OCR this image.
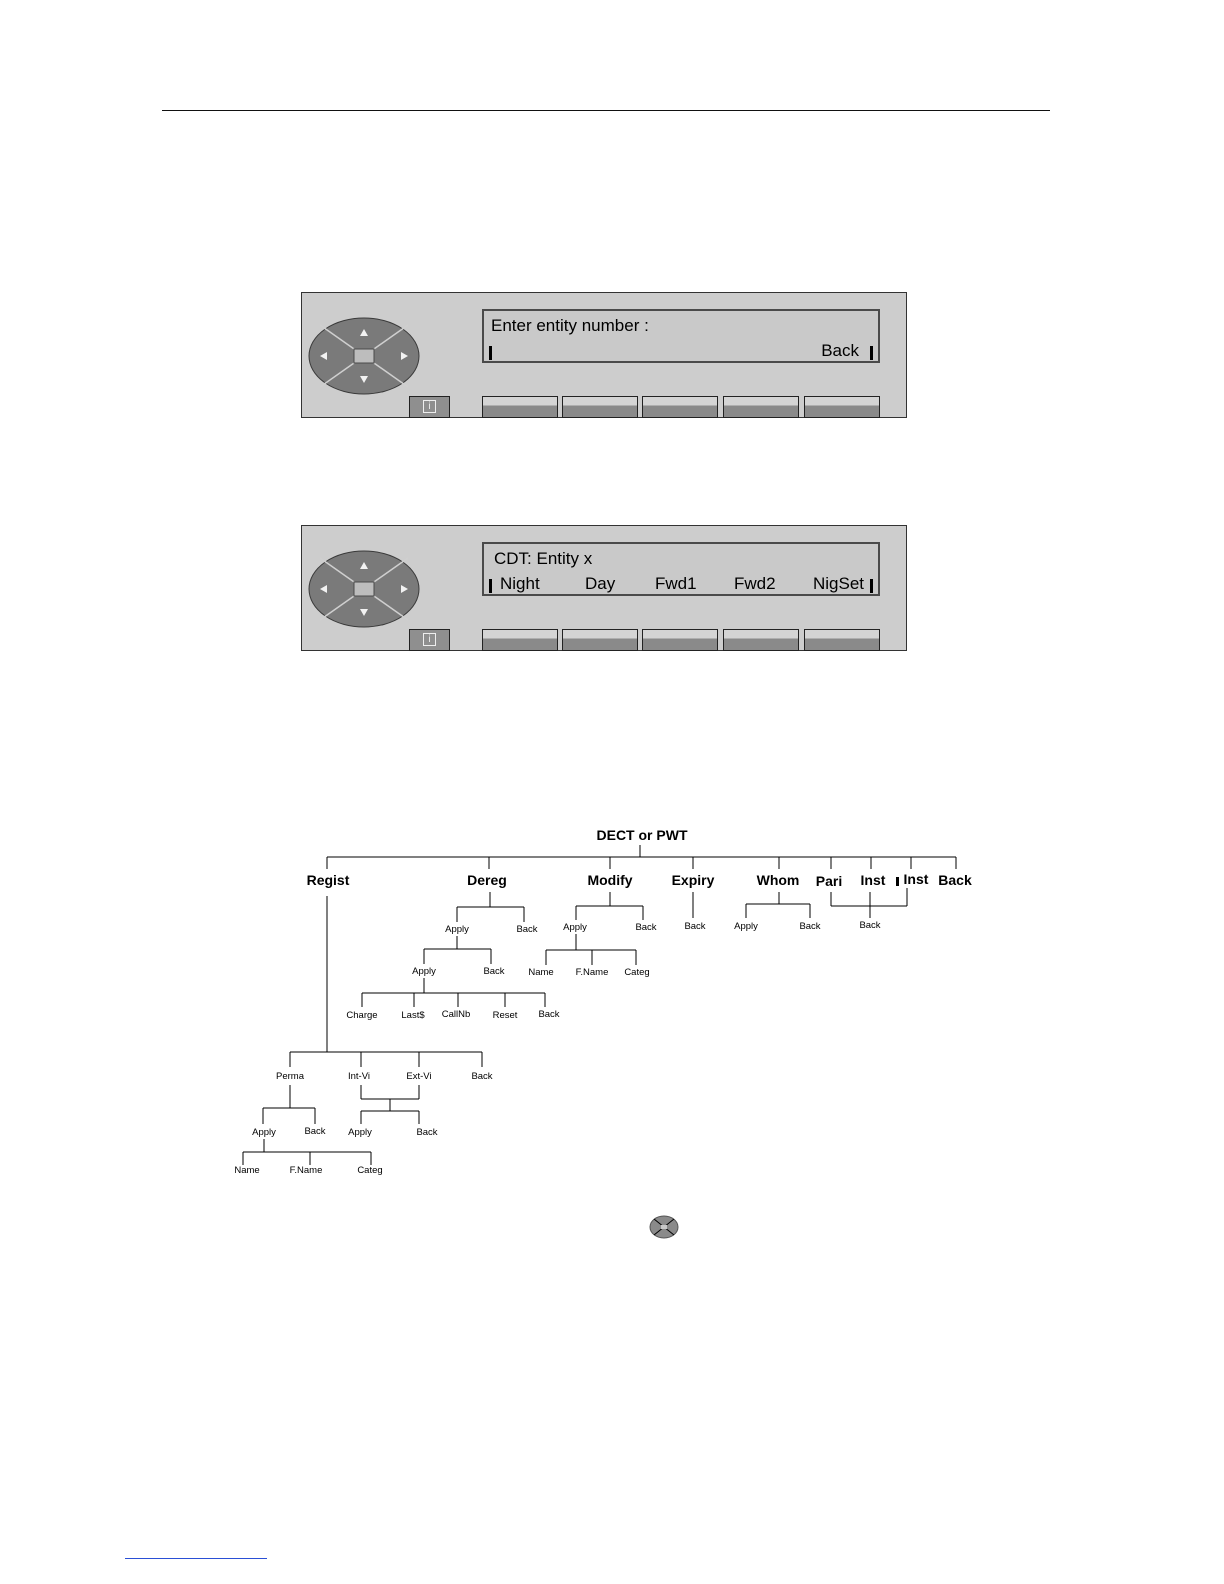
Enter entity number :
Back
i
CDT: Entity x
Night	Day Fwd1 Fwd2 NigSet
i
DECT or PWT
Regist	Dereg	Modify	Expiry	Whom Pari Inst Inst Back
Apply	Back
Apply	Back
Charge	Last$ CallNb Reset Back
Apply	Back
Name F.Name Categ
Back	Apply	Back	Back
Perma	Int-Vi	Ext-Vi	Back
Apply	Back
Name	F.Name	Categ
Apply	Back
